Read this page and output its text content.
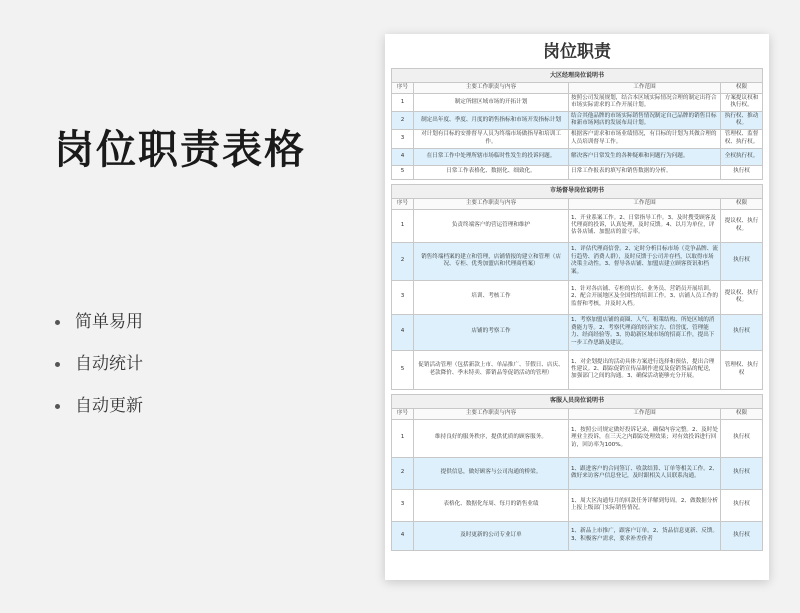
岗位职责表格
简单易用
自动统计
自动更新
岗位职责
大区经理岗位说明书			
序号	主要工作职责与内容	工作范围	权限
1	制定所辖区域市场的开拓计划	按照公司发展规划，结合本区域实际情况合理的制定出符合市场实际需求的工作开展计划。	方案提议权和执行权。
2	制定出年度、季度、月度的销售指标和市场开发指标计划	结合其他品牌的市场实际销售情况制定自己品牌的销售目标和新市场网店的发展布局计划。	执行权、推动权。
3	对计划有目标的安排督导人员为终端市场做指导和培训工作。	根据客户需求和市场业绩情况，有目标的计划为其做合理的人员培训督导工作。	管理权、监督权、执行权。
4	在日常工作中处理所辖市场临时性发生的投诉问题。	解决客户日常发生的各种疑难和问题行为问题。	全权执行权。
5	日常工作表格化、数据化、细致化。	日常工作报表的填写和销售数据的分析。	执行权
市场督导岗位说明书			
序号	主要工作职责与内容	工作范围	权限
1	负责终端客户的营运管理和维护	1、开业系案工作。2、日常指导工作。3、及时搜受顾客及代理商的投诉，认真处理，及时反馈。4、以月为单位，评估各店铺、加盟店的盈亏率。	提议权、执行权。
2	销售终端档案的建立和管理，店铺情报的建立和管理（店况、专柜、优秀加盟店和代理商档案）	1、评估代理商信誉。2、定时分析目标市场（竞争品牌、流行趋势、消费人群），及时反馈于公司并存档，以取得市场决策主动性。3、督导各店铺、加盟店建立顾客资讯和档案。	执行权
3	培训、考核工作	1、针对各店铺、专柜的店长、业务员、营销员开展培训。2、配合开展地区及全国性的培训工作。3、店铺人员工作的监督和考核，并及时入档。	提议权、执行权。
4	店铺的考察工作	1、考察加盟店铺的商圈、人气、租策结构、所处区域的消费能力等。2、考察代理商的经济实力、信誉度、管理能力、经商经验等。3、协助新区域市场的招商工作，提出下一步工作思路及建议。	执行权
5	促销活动管理（包括新款上市、单品推广、节假日、店庆、老款降价、季末特卖、滞销品等促销活动的管理）	1、对企划提出的活动具体方案进行选择和预估，提出合理性建议。2、跟踪促销宣传品制作进度及促销货品的配送，加强部门之间的沟通。3、确保活动能够充分开展。	管理权、执行权
客服人员岗位说明书			
序号	主要工作职责与内容	工作范围	权限
1	维持良好的服务秩序，提供优质的顾客服务。	1、按照公司规定做好投诉记录，确保内容完整。2、及时处理业主投诉，在三天之内跟踪处理效果；对有效投诉进行回访，回访率为100%。	执行权
2	提供信息，做好顾客与公司沟通的桥梁。	1、跟进客户的合同签订、收款结算、订单等相关工作。2、做好来访客户信息登记，及时跟相关人员联系沟通。	执行权
3	表格化、数据化每周、每月的销售业绩	1、周大区沟通每月的回款任务详解到每周。2、做数据分析上报上级部门实际销售情况。	执行权
4	及时更新的公司专业订单	1、新品上市推广，跟客户订单。2、货品信息更新、反馈。3、积极客户需求，要求补差价者	执行权
